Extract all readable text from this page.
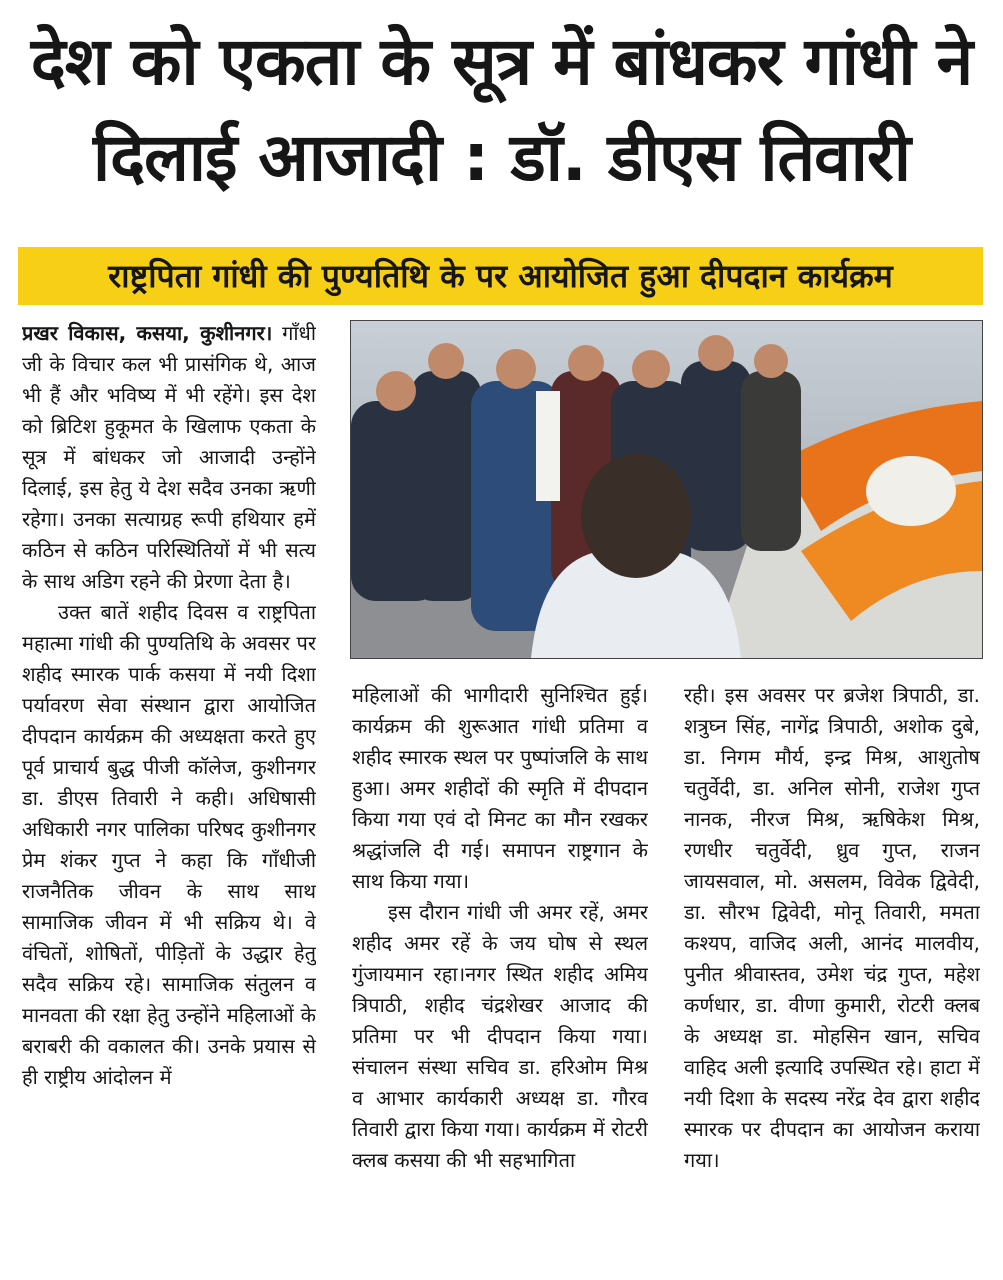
देश को एकता के सूत्र में बांधकर गांधी ने दिलाई आजादी : डॉ. डीएस तिवारी
राष्ट्रपिता गांधी की पुण्यतिथि के पर आयोजित हुआ दीपदान कार्यक्रम

प्रखर विकास, कसया, कुशीनगर। गाँधी जी के विचार कल भी प्रासंगिक थे, आज भी हैं और भविष्य में भी रहेंगे। इस देश को ब्रिटिश हुकूमत के खिलाफ एकता के सूत्र में बांधकर जो आजादी उन्होंने दिलाई, इस हेतु ये देश सदैव उनका ऋणी रहेगा। उनका सत्याग्रह रूपी हथियार हमें कठिन से कठिन परिस्थितियों में भी सत्य के साथ अडिग रहने की प्रेरणा देता है।

उक्त बातें शहीद दिवस व राष्ट्रपिता महात्मा गांधी की पुण्यतिथि के अवसर पर शहीद स्मारक पार्क कसया में नयी दिशा पर्यावरण सेवा संस्थान द्वारा आयोजित दीपदान कार्यक्रम की अध्यक्षता करते हुए पूर्व प्राचार्य बुद्ध पीजी कॉलेज, कुशीनगर डा. डीएस तिवारी ने कही। अधिषासी अधिकारी नगर पालिका परिषद कुशीनगर प्रेम शंकर गुप्त ने कहा कि गाँधीजी राजनैतिक जीवन के साथ साथ सामाजिक जीवन में भी सक्रिय थे। वे वंचितों, शोषितों, पीड़ितों के उद्धार हेतु सदैव सक्रिय रहे। सामाजिक संतुलन व मानवता की रक्षा हेतु उन्होंने महिलाओं के बराबरी की वकालत की। उनके प्रयास से ही राष्ट्रीय आंदोलन में

महिलाओं की भागीदारी सुनिश्चित हुई। कार्यक्रम की शुरूआत गांधी प्रतिमा व शहीद स्मारक स्थल पर पुष्पांजलि के साथ हुआ। अमर शहीदों की स्मृति में दीपदान किया गया एवं दो मिनट का मौन रखकर श्रद्धांजलि दी गई। समापन राष्ट्रगान के साथ किया गया।

इस दौरान गांधी जी अमर रहें, अमर शहीद अमर रहें के जय घोष से स्थल गुंजायमान रहा।नगर स्थित शहीद अमिय त्रिपाठी, शहीद चंद्रशेखर आजाद की प्रतिमा पर भी दीपदान किया गया। संचालन संस्था सचिव डा. हरिओम मिश्र व आभार कार्यकारी अध्यक्ष डा. गौरव तिवारी द्वारा किया गया। कार्यक्रम में रोटरी क्लब कसया की भी सहभागिता

रही। इस अवसर पर ब्रजेश त्रिपाठी, डा. शत्रुघ्न सिंह, नागेंद्र त्रिपाठी, अशोक दुबे, डा. निगम मौर्य, इन्द्र मिश्र, आशुतोष चतुर्वेदी, डा. अनिल सोनी, राजेश गुप्त नानक, नीरज मिश्र, ऋषिकेश मिश्र, रणधीर चतुर्वेदी, ध्रुव गुप्त, राजन जायसवाल, मो. असलम, विवेक द्विवेदी, डा. सौरभ द्विवेदी, मोनू तिवारी, ममता कश्यप, वाजिद अली, आनंद मालवीय, पुनीत श्रीवास्तव, उमेश चंद्र गुप्त, महेश कर्णधार, डा. वीणा कुमारी, रोटरी क्लब के अध्यक्ष डा. मोहसिन खान, सचिव वाहिद अली इत्यादि उपस्थित रहे। हाटा में नयी दिशा के सदस्य नरेंद्र देव द्वारा शहीद स्मारक पर दीपदान का आयोजन कराया गया।
